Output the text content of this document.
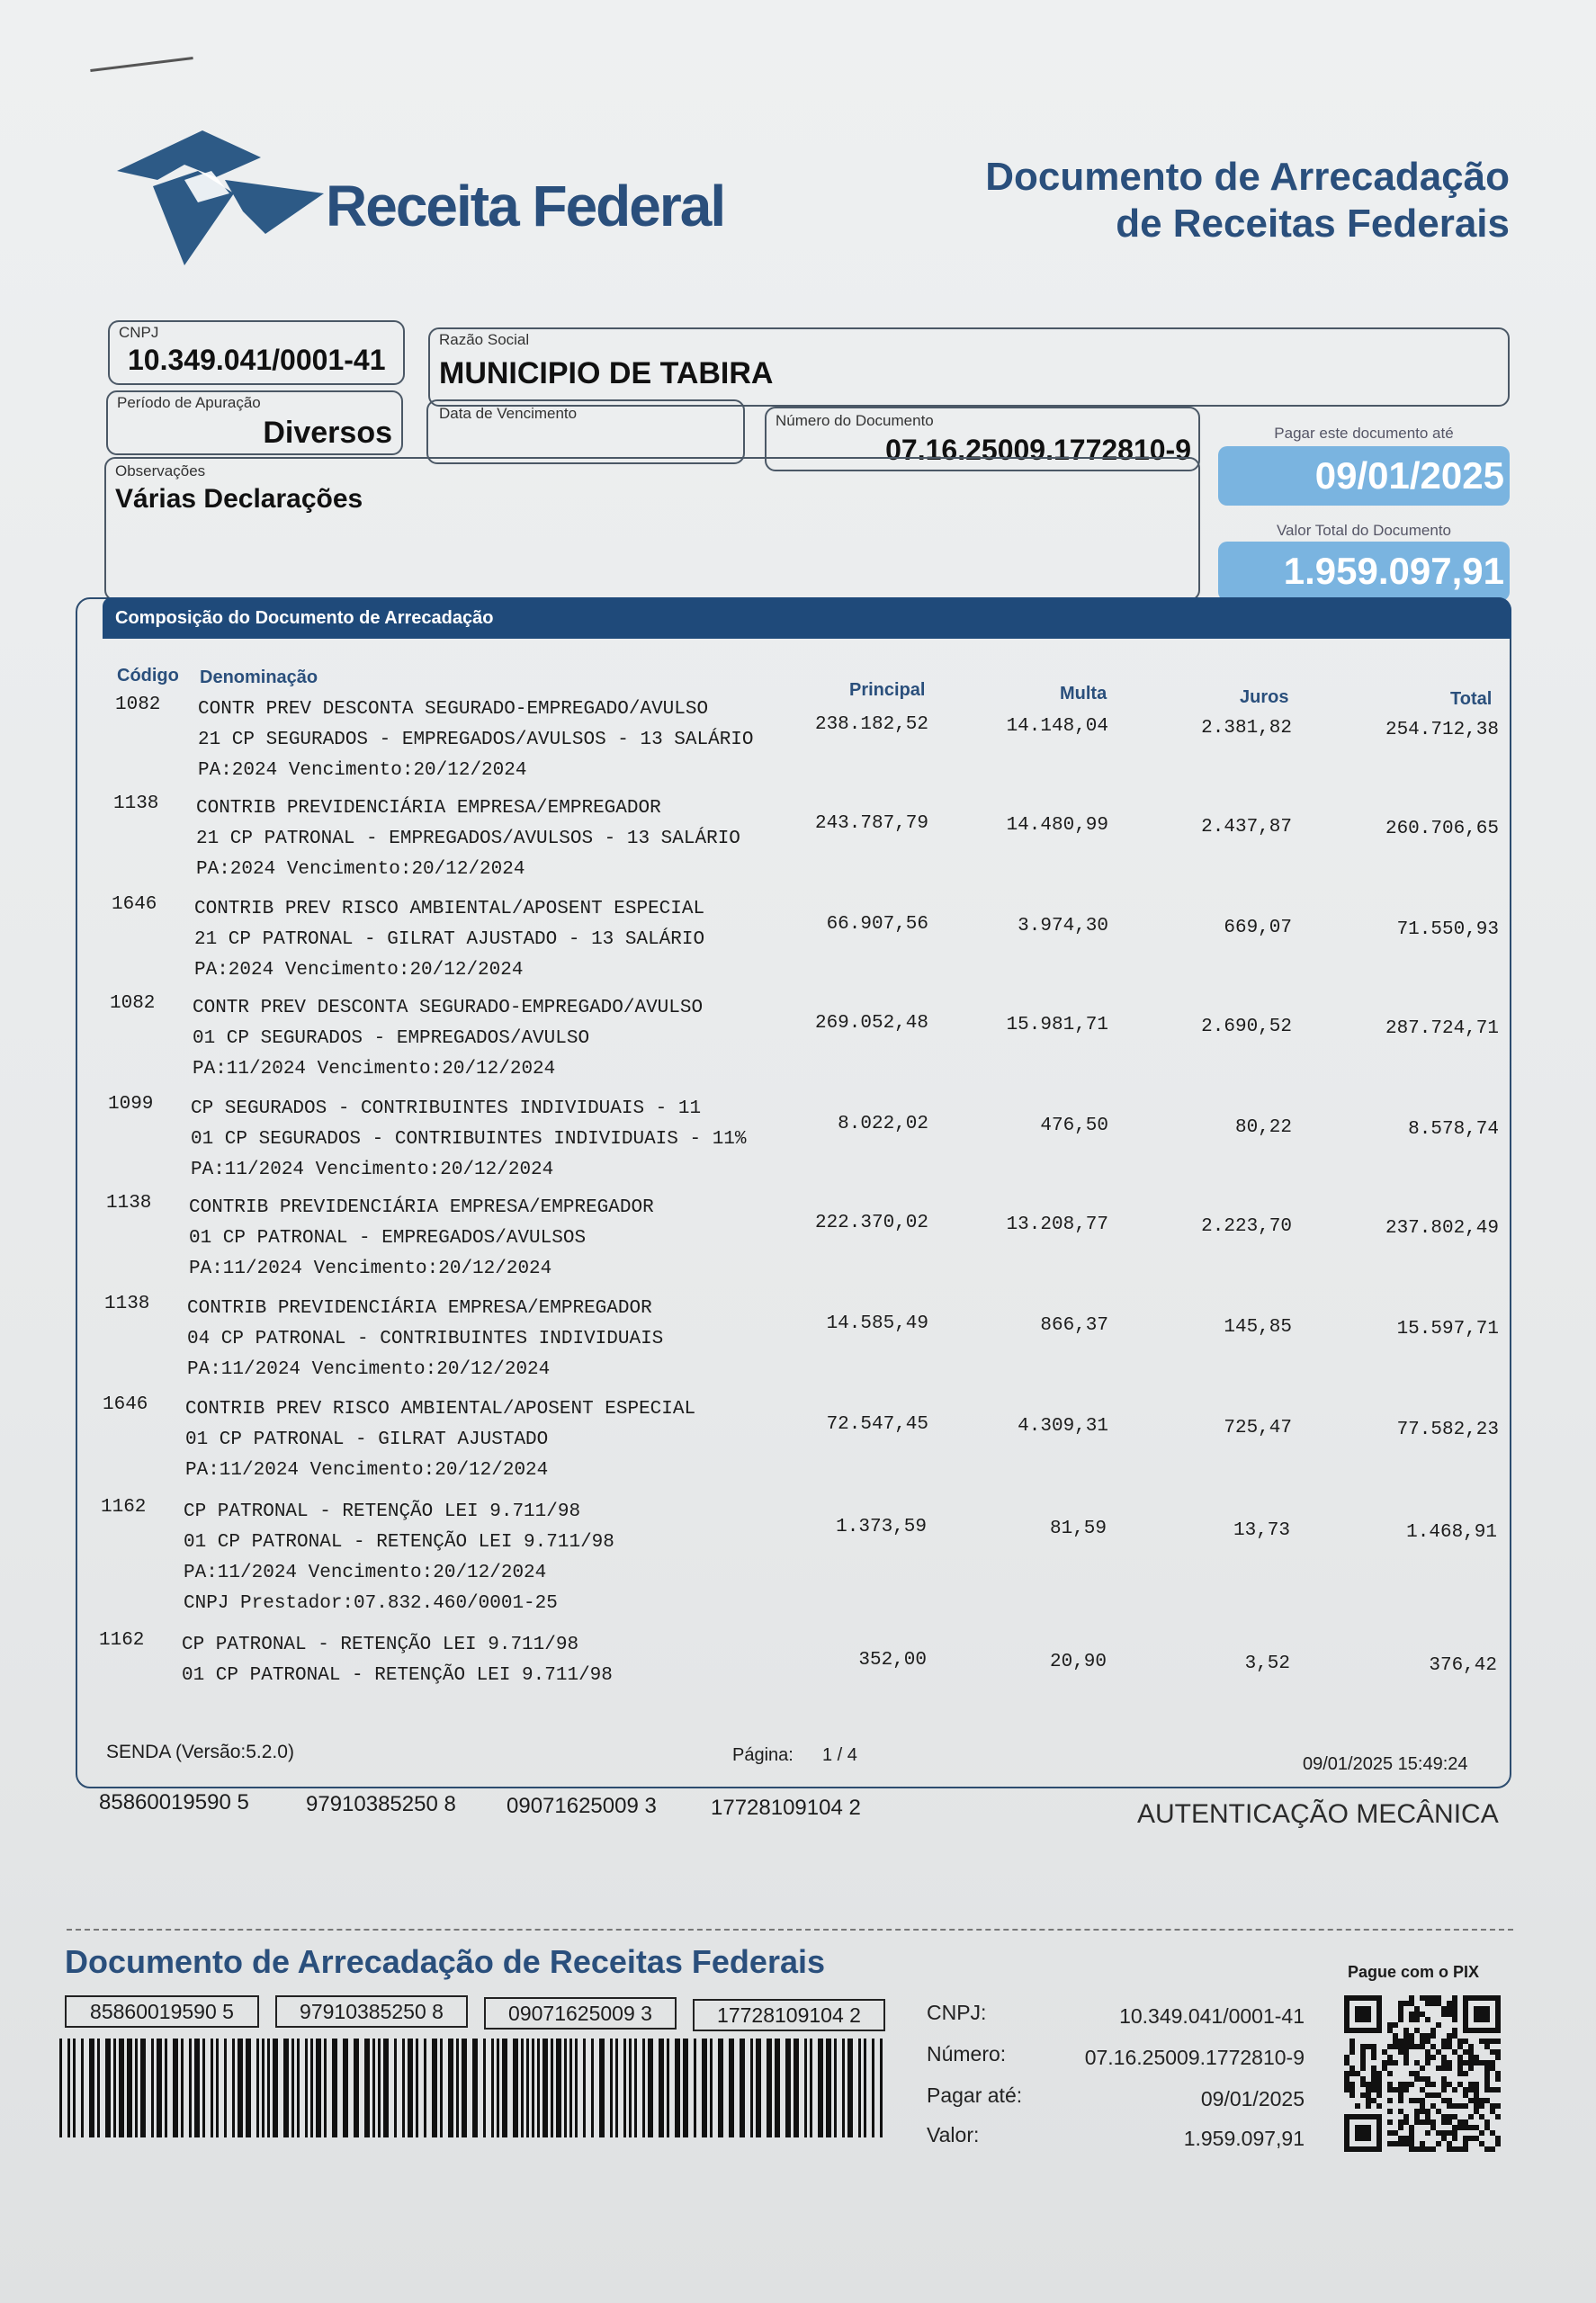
Receita Federal	Documento de Arrecadação
de Receitas Federais
CNPJ
10.349.041/0001-41
Razão Social
MUNICIPIO DE TABIRA
Período de Apuração
Diversos
Data de Vencimento	Número do Documento
07.16.25009.1772810-9
Pagar este documento até
09/01/2025
Observações
Várias Declarações
Valor Total do Documento
1.959.097,91
Composição do Documento de Arrecadação
Código Denominação
Principal	Multa	Juros	Total
1082 CONTR PREV DESCONTA SEGURADO-EMPREGADO/AVULSO
21 CP SEGURADOS - EMPREGADOS/AVULSOS - 13 SALÁRIO
PA:2024 Vencimento:20/12/2024
238.182,52	14.148,04	2.381,82	254.712,38
1138 CONTRIB PREVIDENCIÁRIA EMPRESA/EMPREGADOR
21 CP PATRONAL - EMPREGADOS/AVULSOS - 13 SALÁRIO
PA:2024 Vencimento:20/12/2024
243.787,79	14.480,99	2.437,87	260.706,65
1646 CONTRIB PREV RISCO AMBIENTAL/APOSENT ESPECIAL
21 CP PATRONAL - GILRAT AJUSTADO - 13 SALÁRIO
PA:2024 Vencimento:20/12/2024
66.907,56	3.974,30	669,07	71.550,93
1082 CONTR PREV DESCONTA SEGURADO-EMPREGADO/AVULSO
01 CP SEGURADOS - EMPREGADOS/AVULSO
PA:11/2024 Vencimento:20/12/2024
269.052,48	15.981,71	2.690,52	287.724,71
1099 CP SEGURADOS - CONTRIBUINTES INDIVIDUAIS - 11
01 CP SEGURADOS - CONTRIBUINTES INDIVIDUAIS - 11%
PA:11/2024 Vencimento:20/12/2024
8.022,02	476,50	80,22	8.578,74
1138 CONTRIB PREVIDENCIÁRIA EMPRESA/EMPREGADOR
01 CP PATRONAL - EMPREGADOS/AVULSOS
PA:11/2024 Vencimento:20/12/2024
222.370,02	13.208,77	2.223,70	237.802,49
1138 CONTRIB PREVIDENCIÁRIA EMPRESA/EMPREGADOR
04 CP PATRONAL - CONTRIBUINTES INDIVIDUAIS
PA:11/2024 Vencimento:20/12/2024
14.585,49	866,37	145,85	15.597,71
1646 CONTRIB PREV RISCO AMBIENTAL/APOSENT ESPECIAL
01 CP PATRONAL - GILRAT AJUSTADO
PA:11/2024 Vencimento:20/12/2024
72.547,45	4.309,31	725,47	77.582,23
1162 CP PATRONAL - RETENÇÃO LEI 9.711/98
01 CP PATRONAL - RETENÇÃO LEI 9.711/98
PA:11/2024 Vencimento:20/12/2024
CNPJ Prestador:07.832.460/0001-25
1.373,59	81,59	13,73	1.468,91
1162 CP PATRONAL - RETENÇÃO LEI 9.711/98
01 CP PATRONAL - RETENÇÃO LEI 9.711/98
352,00	20,90	3,52	376,42
SENDA (Versão:5.2.0)	Página: 1 / 4	09/01/2025 15:49:24
85860019590 5	97910385250 8 09071625009 3	17728109104 2	AUTENTICAÇÃO MECÂNICA
Documento de Arrecadação de Receitas Federais
85860019590 5	97910385250 8	09071625009 3	17728109104 2	CNPJ:	10.349.041/0001-41
Número:	07.16.25009.1772810-9
Pagar até:	09/01/2025
Valor:	1.959.097,91
Pague com o PIX
